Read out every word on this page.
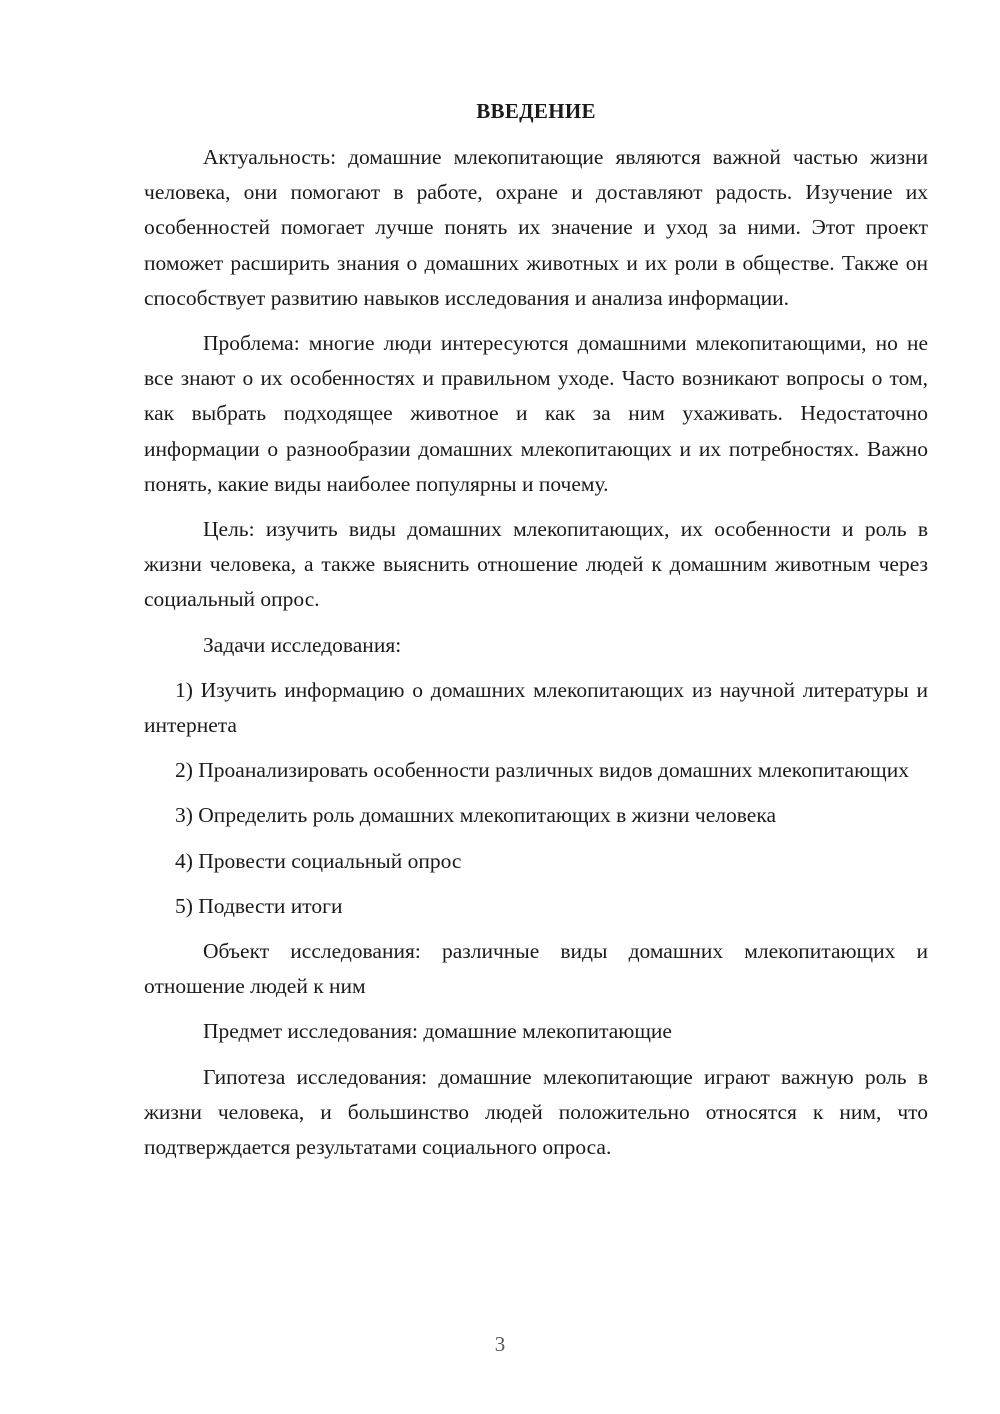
ВВЕДЕНИЕ

Актуальность: домашние млекопитающие являются важной частью жизни человека, они помогают в работе, охране и доставляют радость. Изучение их особенностей помогает лучше понять их значение и уход за ними. Этот проект поможет расширить знания о домашних животных и их роли в обществе. Также он способствует развитию навыков исследования и анализа информации.

Проблема: многие люди интересуются домашними млекопитающими, но не все знают о их особенностях и правильном уходе. Часто возникают вопросы о том, как выбрать подходящее животное и как за ним ухаживать. Недостаточно информации о разнообразии домашних млекопитающих и их потребностях. Важно понять, какие виды наиболее популярны и почему.

Цель: изучить виды домашних млекопитающих, их особенности и роль в жизни человека, а также выяснить отношение людей к домашним животным через социальный опрос.

Задачи исследования:

1) Изучить информацию о домашних млекопитающих из научной литературы и интернета

2) Проанализировать особенности различных видов домашних млекопитающих

3) Определить роль домашних млекопитающих в жизни человека

4) Провести социальный опрос

5) Подвести итоги

Объект исследования: различные виды домашних млекопитающих и отношение людей к ним

Предмет исследования: домашние млекопитающие

Гипотеза исследования: домашние млекопитающие играют важную роль в жизни человека, и большинство людей положительно относятся к ним, что подтверждается результатами социального опроса.

3
